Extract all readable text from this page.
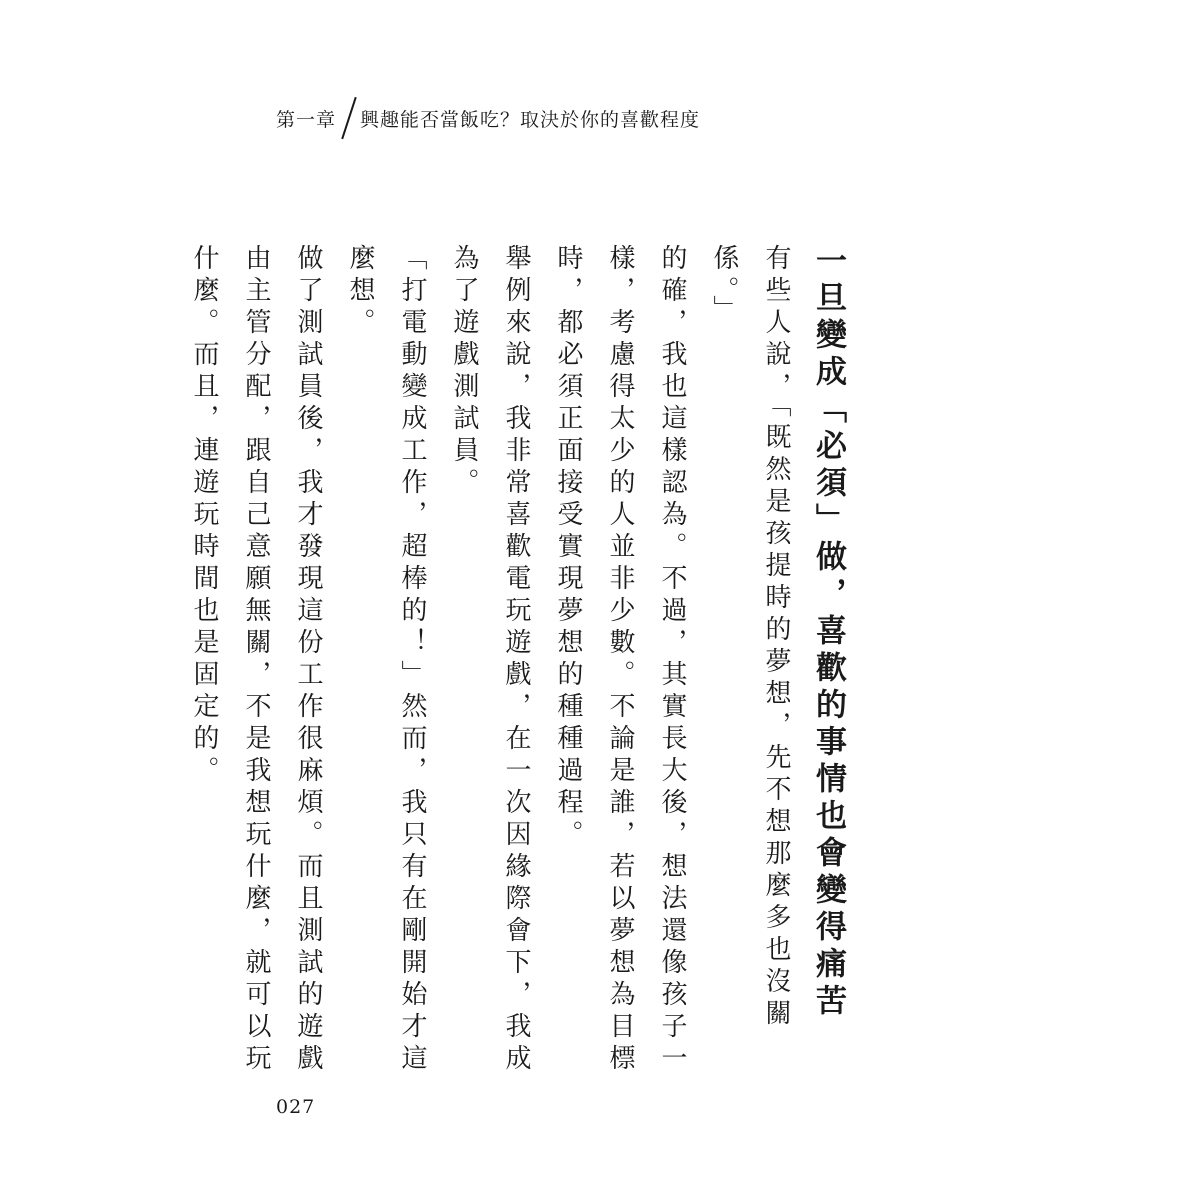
第一章 興趣能否當飯吃？取決於你的喜歡程度

一旦變成「必須」做，喜歡的事情也會變得痛苦

有些人說，「既然是孩提時的夢想，先不想那麼多也沒關係。」

的確，我也這樣認為。不過，其實長大後，想法還像孩子一樣，考慮得太少的人並非少數。不論是誰，若以夢想為目標時，都必須正面接受實現夢想的種種過程。

舉例來說，我非常喜歡電玩遊戲，在一次因緣際會下，我成為了遊戲測試員。

「打電動變成工作，超棒的！」然而，我只有在剛開始才這麼想。

做了測試員後，我才發現這份工作很麻煩。而且測試的遊戲由主管分配，跟自己意願無關，不是我想玩什麼，就可以玩什麼。而且，連遊玩時間也是固定的。

027
